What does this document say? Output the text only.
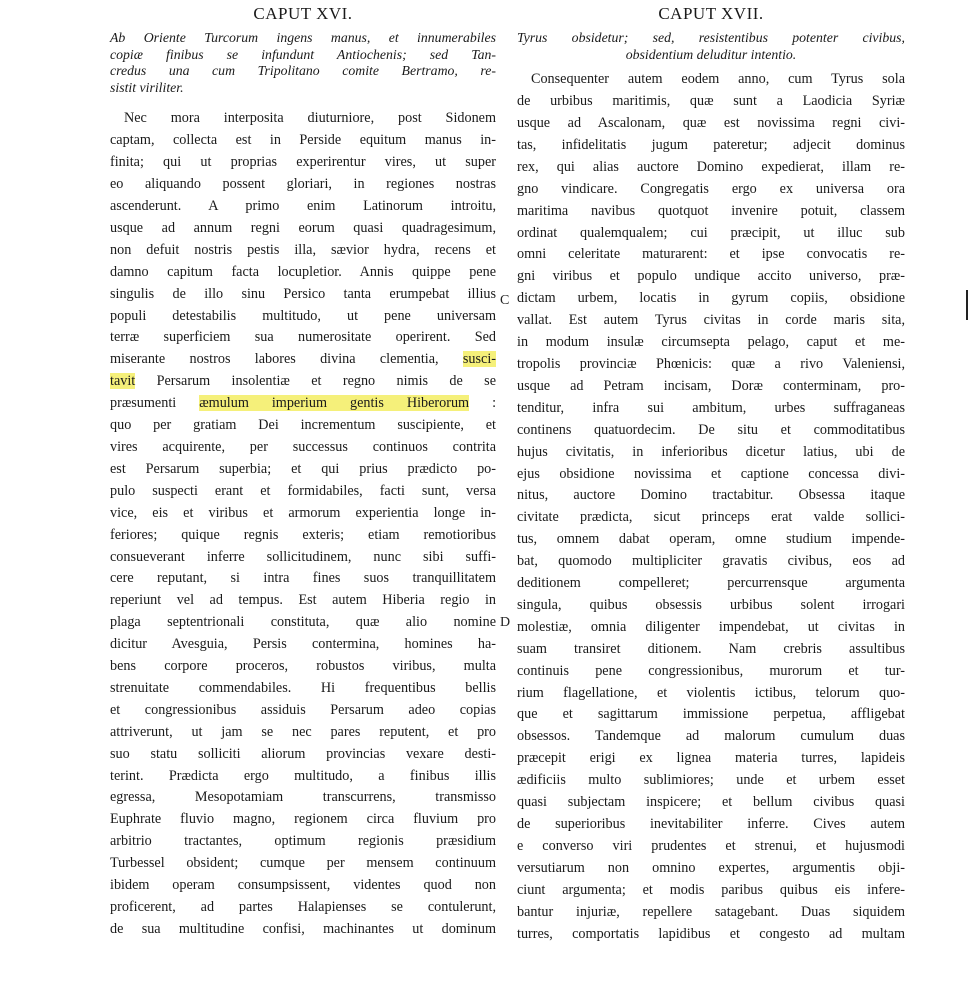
CAPUT XVI.
Ab Oriente Turcorum ingens manus, et innumerabiles
copiæ finibus se infundunt Antiochenis; sed Tan-
credus una cum Tripolitano comite Bertramo, re-
sistit viriliter.
Nec mora interposita diuturniore, post Sidonem
captam, collecta est in Perside equitum manus in-
finita; qui ut proprias experirentur vires, ut super
eo aliquando possent gloriari, in regiones nostras
ascenderunt. A primo enim Latinorum introitu,
usque ad annum regni eorum quasi quadragesimum,
non defuit nostris pestis illa, sævior hydra, recens et
damno capitum facta locupletior. Annis quippe pene
singulis de illo sinu Persico tanta erumpebat illius
populi detestabilis multitudo, ut pene universam
terræ superficiem sua numerositate operirent. Sed
miserante nostros labores divina clementia, susci-
tavit Persarum insolentiæ et regno nimis de se
præsumenti æmulum imperium gentis Hiberorum :
quo per gratiam Dei incrementum suscipiente, et
vires acquirente, per successus continuos contrita
est Persarum superbia; et qui prius prædicto po-
pulo suspecti erant et formidabiles, facti sunt, versa
vice, eis et viribus et armorum experientia longe in-
feriores; quique regnis exteris; etiam remotioribus
consueverant inferre sollicitudinem, nunc sibi suffi-
cere reputant, si intra fines suos tranquillitatem
reperiunt vel ad tempus. Est autem Hiberia regio in
plaga septentrionali constituta, quæ alio nomine
dicitur Avesguia, Persis contermina, homines ha-
bens corpore proceros, robustos viribus, multa
strenuitate commendabiles. Hi frequentibus bellis
et congressionibus assiduis Persarum adeo copias
attriverunt, ut jam se nec pares reputent, et pro
suo statu solliciti aliorum provincias vexare desti-
terint. Prædicta ergo multitudo, a finibus illis
egressa, Mesopotamiam transcurrens, transmisso
Euphrate fluvio magno, regionem circa fluvium pro
arbitrio tractantes, optimum regionis præsidium
Turbessel obsident; cumque per mensem continuum
ibidem operam consumpsissent, videntes quod non
proficerent, ad partes Halapienses se contulerunt,
de sua multitudine confisi, machinantes ut dominum
C
D
CAPUT XVII.
Tyrus obsidetur; sed, resistentibus potenter civibus,
obsidentium deluditur intentio.
Consequenter autem eodem anno, cum Tyrus sola
de urbibus maritimis, quæ sunt a Laodicia Syriæ
usque ad Ascalonam, quæ est novissima regni civi-
tas, infidelitatis jugum pateretur; adjecit dominus
rex, qui alias auctore Domino expedierat, illam re-
gno vindicare. Congregatis ergo ex universa ora
maritima navibus quotquot invenire potuit, classem
ordinat qualemqualem; cui præcipit, ut illuc sub
omni celeritate maturarent: et ipse convocatis re-
gni viribus et populo undique accito universo, præ-
dictam urbem, locatis in gyrum copiis, obsidione
vallat. Est autem Tyrus civitas in corde maris sita,
in modum insulæ circumsepta pelago, caput et me-
tropolis provinciæ Phœnicis: quæ a rivo Valeniensi,
usque ad Petram incisam, Doræ conterminam, pro-
tenditur, infra sui ambitum, urbes suffraganeas
continens quatuordecim. De situ et commoditatibus
hujus civitatis, in inferioribus dicetur latius, ubi de
ejus obsidione novissima et captione concessa divi-
nitus, auctore Domino tractabitur. Obsessa itaque
civitate prædicta, sicut princeps erat valde sollici-
tus, omnem dabat operam, omne studium impende-
bat, quomodo multipliciter gravatis civibus, eos ad
deditionem compelleret; percurrensque argumenta
singula, quibus obsessis urbibus solent irrogari
molestiæ, omnia diligenter impendebat, ut civitas in
suam transiret ditionem. Nam crebris assultibus
continuis pene congressionibus, murorum et tur-
rium flagellatione, et violentis ictibus, telorum quo-
que et sagittarum immissione perpetua, affligebat
obsessos. Tandemque ad malorum cumulum duas
præcepit erigi ex lignea materia turres, lapideis
ædificiis multo sublimiores; unde et urbem esset
quasi subjectam inspicere; et bellum civibus quasi
de superioribus inevitabiliter inferre. Cives autem
e converso viri prudentes et strenui, et hujusmodi
versutiarum non omnino expertes, argumentis obji-
ciunt argumenta; et modis paribus quibus eis infere-
bantur injuriæ, repellere satagebant. Duas siquidem
turres, comportatis lapidibus et congesto ad multam
